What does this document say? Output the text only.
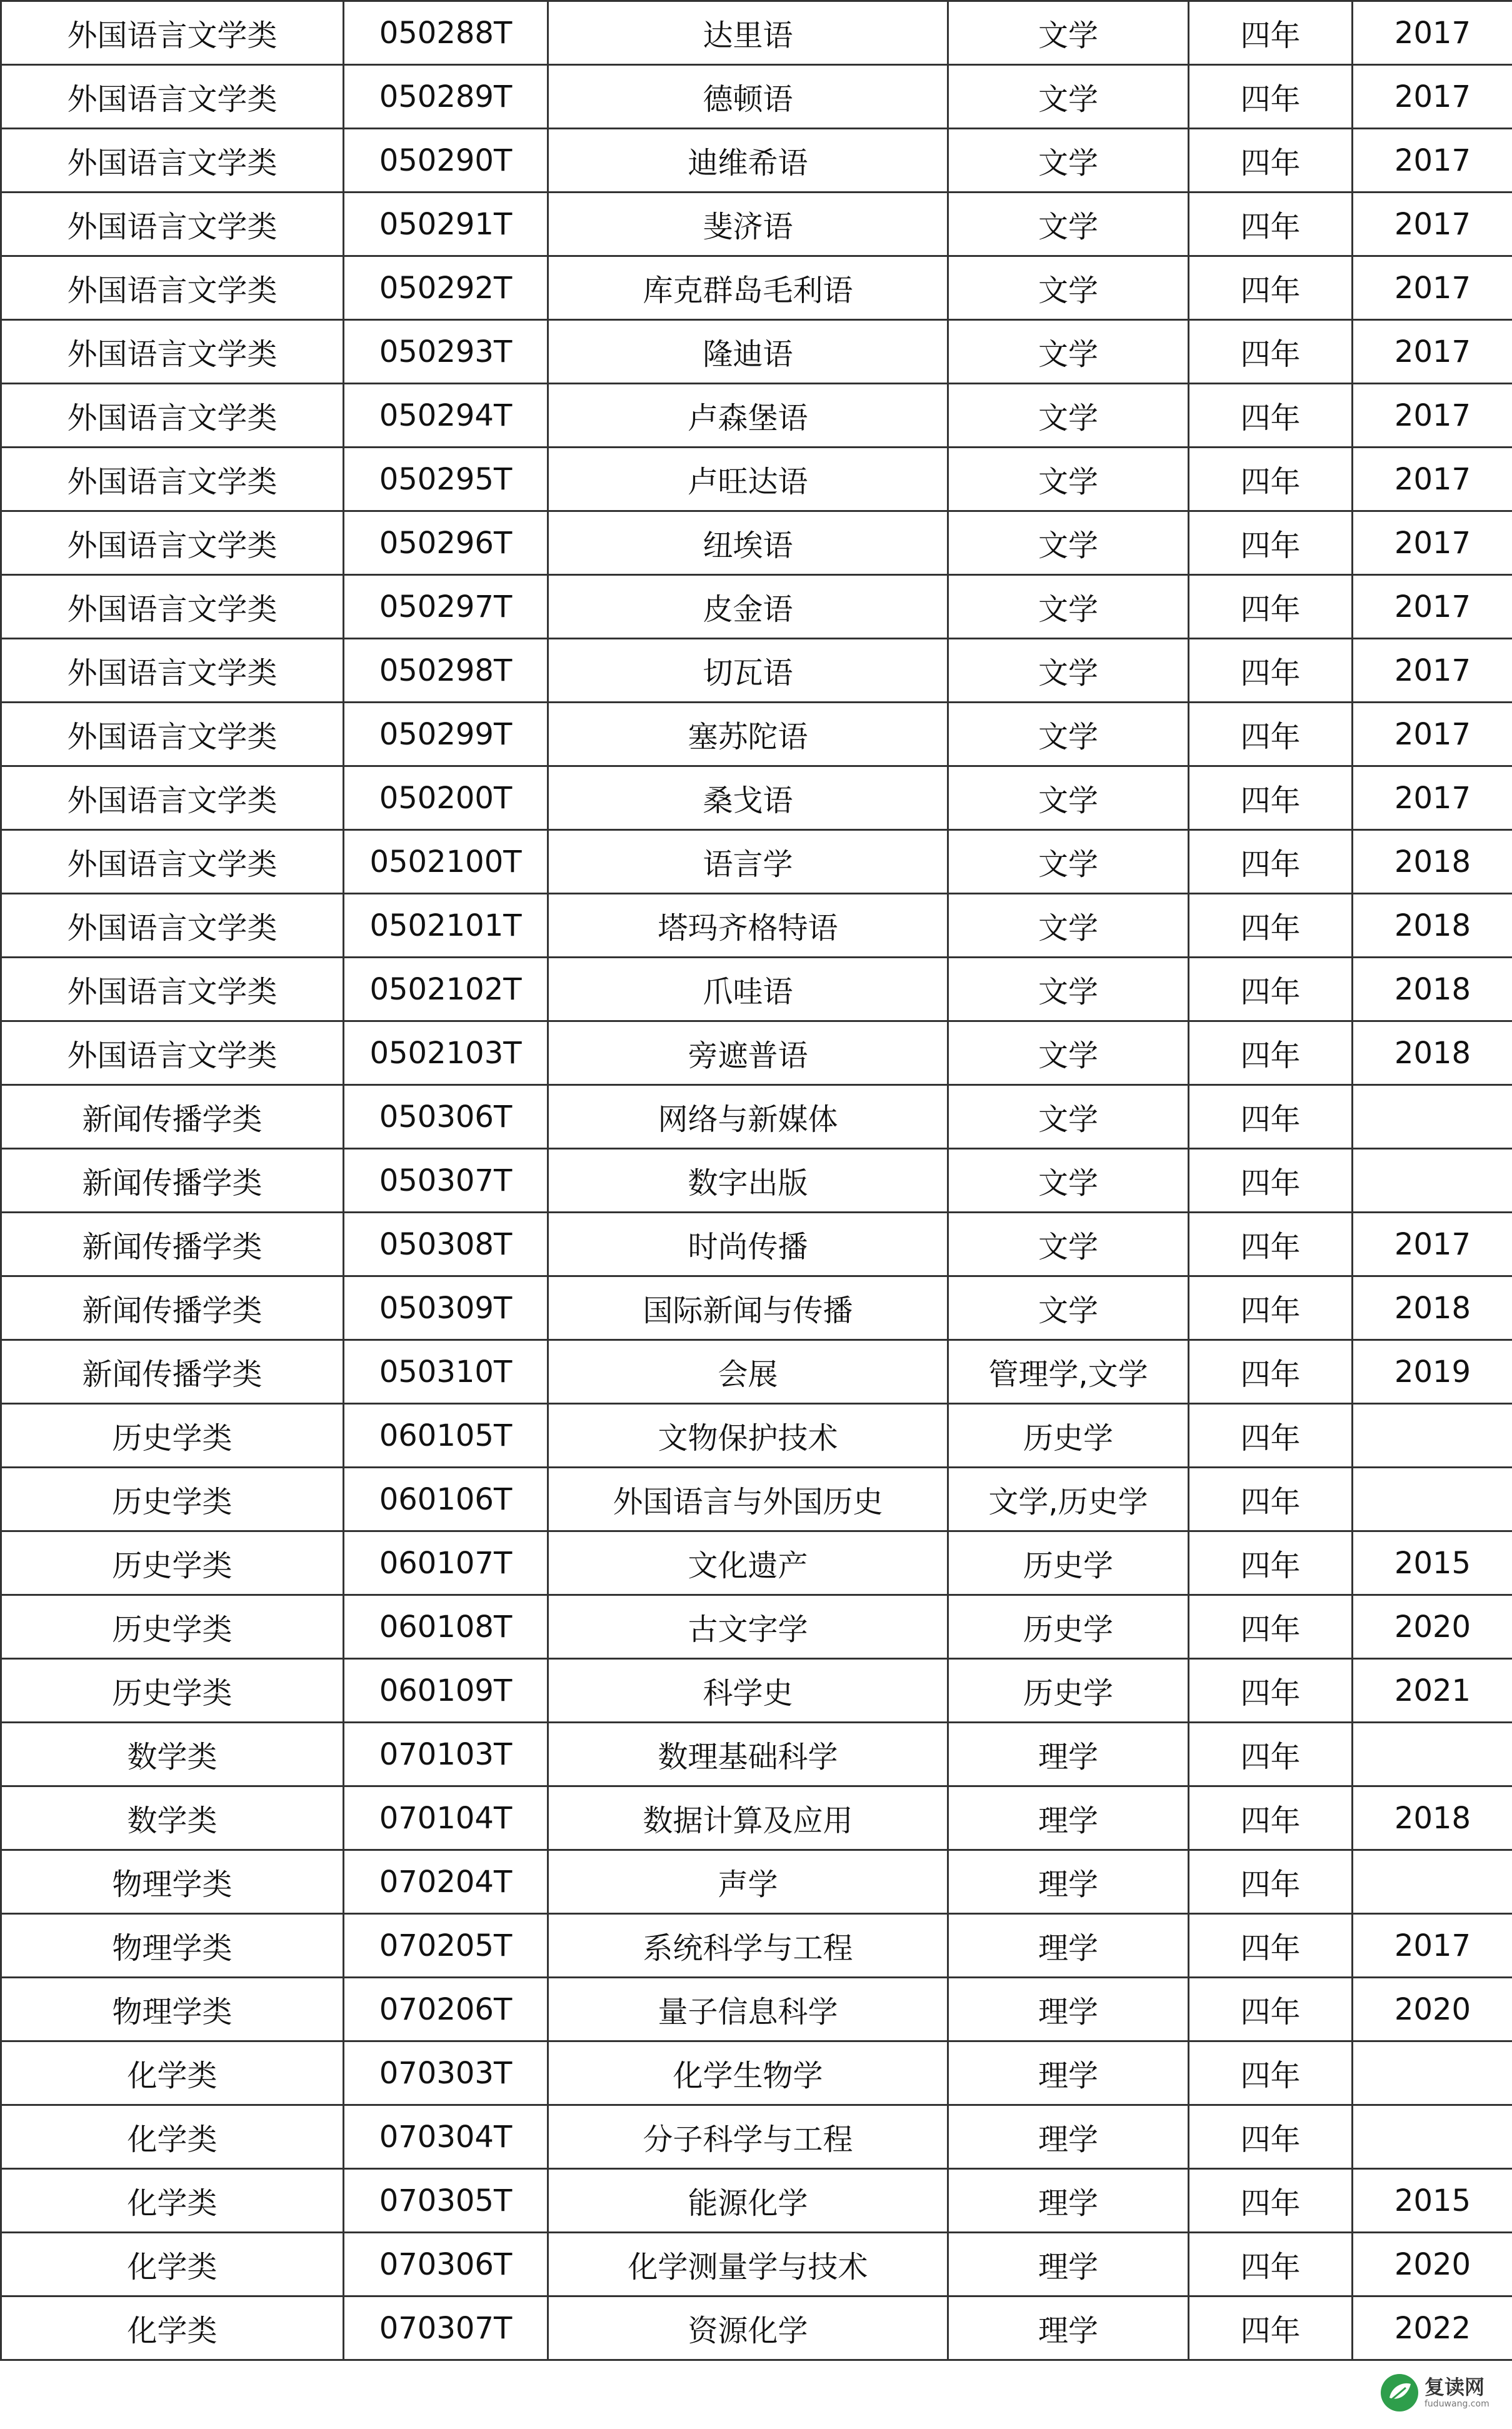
外国语言文学类	050288T	达里语	文学	四年	2017
外国语言文学类	050289T	德顿语	文学	四年	2017
外国语言文学类	050290T	迪维希语	文学	四年	2017
外国语言文学类	050291T	斐济语	文学	四年	2017
外国语言文学类	050292T	库克群岛毛利语	文学	四年	2017
外国语言文学类	050293T	隆迪语	文学	四年	2017
外国语言文学类	050294T	卢森堡语	文学	四年	2017
外国语言文学类	050295T	卢旺达语	文学	四年	2017
外国语言文学类	050296T	纽埃语	文学	四年	2017
外国语言文学类	050297T	皮金语	文学	四年	2017
外国语言文学类	050298T	切瓦语	文学	四年	2017
外国语言文学类	050299T	塞苏陀语	文学	四年	2017
外国语言文学类	050200T	桑戈语	文学	四年	2017
外国语言文学类	0502100T	语言学	文学	四年	2018
外国语言文学类	0502101T	塔玛齐格特语	文学	四年	2018
外国语言文学类	0502102T	爪哇语	文学	四年	2018
外国语言文学类	0502103T	旁遮普语	文学	四年	2018
新闻传播学类	050306T	网络与新媒体	文学	四年	
新闻传播学类	050307T	数字出版	文学	四年	
新闻传播学类	050308T	时尚传播	文学	四年	2017
新闻传播学类	050309T	国际新闻与传播	文学	四年	2018
新闻传播学类	050310T	会展	管理学,文学	四年	2019
历史学类	060105T	文物保护技术	历史学	四年	
历史学类	060106T	外国语言与外国历史	文学,历史学	四年	
历史学类	060107T	文化遗产	历史学	四年	2015
历史学类	060108T	古文字学	历史学	四年	2020
历史学类	060109T	科学史	历史学	四年	2021
数学类	070103T	数理基础科学	理学	四年	
数学类	070104T	数据计算及应用	理学	四年	2018
物理学类	070204T	声学	理学	四年	
物理学类	070205T	系统科学与工程	理学	四年	2017
物理学类	070206T	量子信息科学	理学	四年	2020
化学类	070303T	化学生物学	理学	四年	
化学类	070304T	分子科学与工程	理学	四年	
化学类	070305T	能源化学	理学	四年	2015
化学类	070306T	化学测量学与技术	理学	四年	2020
化学类	070307T	资源化学	理学	四年	2022
复读网
fuduwang.com
